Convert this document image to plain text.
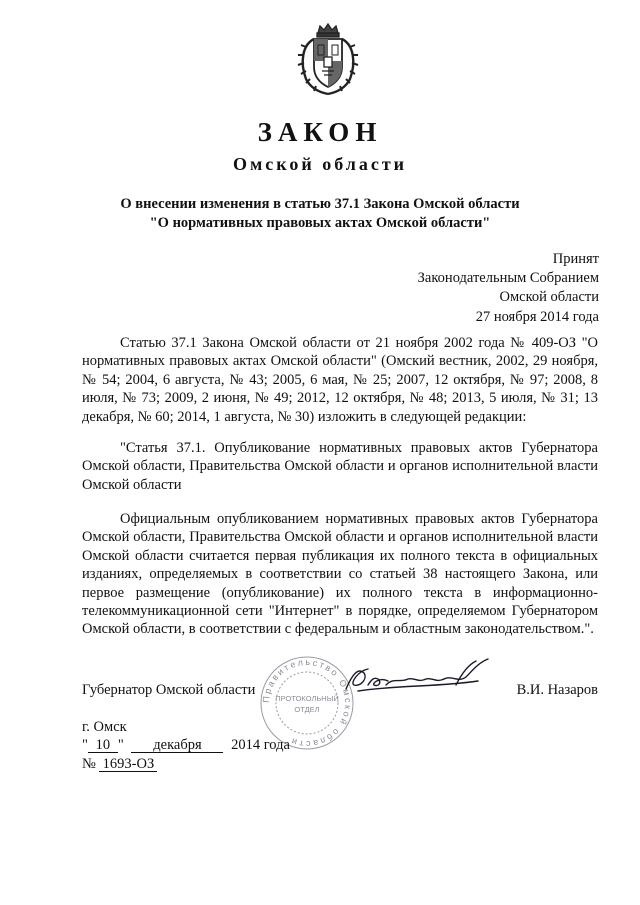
ЗАКОН
Омской области
О внесении изменения в статью 37.1 Закона Омской области
"О нормативных правовых актах Омской области"
Принят
Законодательным Собранием
Омской области
27 ноября 2014 года
Статью 37.1 Закона Омской области от 21 ноября 2002 года № 409-ОЗ "О нормативных правовых актах Омской области" (Омский вестник, 2002, 29 ноября, № 54; 2004, 6 августа, № 43; 2005, 6 мая, № 25; 2007, 12 октября, № 97; 2008, 8 июля, № 73; 2009, 2 июня, № 49; 2012, 12 октября, № 48; 2013, 5 июля, № 31; 13 декабря, № 60; 2014, 1 августа, № 30) изложить в следующей редакции:
"Статья 37.1. Опубликование нормативных правовых актов Губернатора Омской области, Правительства Омской области и органов исполнительной власти Омской области
Официальным опубликованием нормативных правовых актов Губернатора Омской области, Правительства Омской области и органов исполнительной власти Омской области считается первая публикация их полного текста в официальных изданиях, определяемых в соответствии со статьей 38 настоящего Закона, или первое размещение (опубликование) их полного текста в информационно-телекоммуникационной сети "Интернет" в порядке, определяемом Губернатором Омской области, в соответствии с федеральным и областным законодательством.".
Правительство Омской области
ПРОТОКОЛЬНЫЙ
ОТДЕЛ
Губернатор Омской области	В.И. Назаров
г. Омск
" 10 " декабря 2014 года
№ 1693-ОЗ
